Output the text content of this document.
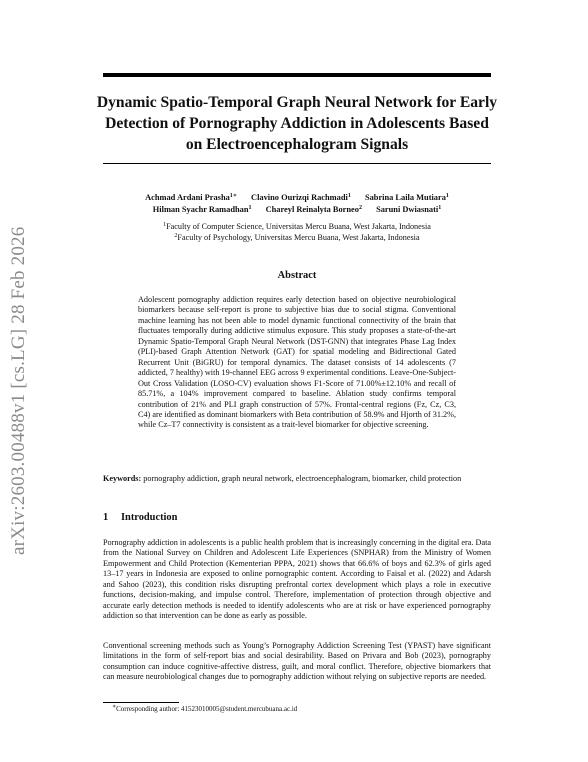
arXiv:2603.00488v1 [cs.LG] 28 Feb 2026
Dynamic Spatio-Temporal Graph Neural Network for Early Detection of Pornography Addiction in Adolescents Based on Electroencephalogram Signals
Achmad Ardani Prasha$^{1∗}$ Clavino Ourizqi Rachmadi$^1$ Sabrina Laila Mutiara$^1$
Hilman Syachr Ramadhan$^1$ Chareyl Reinalyta Borneo$^2$ Saruni Dwiasnati$^1$
$^1$Faculty of Computer Science, Universitas Mercu Buana, West Jakarta, Indonesia
$^2$Faculty of Psychology, Universitas Mercu Buana, West Jakarta, Indonesia
Abstract
Adolescent pornography addiction requires early detection based on objective neurobiological biomarkers because self-report is prone to subjective bias due to social stigma. Conventional machine learning has not been able to model dynamic functional connectivity of the brain that fluctuates temporally during addictive stimulus exposure. This study proposes a state-of-the-art Dynamic Spatio-Temporal Graph Neural Network (DST-GNN) that integrates Phase Lag Index (PLI)-based Graph Attention Network (GAT) for spatial modeling and Bidirectional Gated Recurrent Unit (BiGRU) for temporal dynamics. The dataset consists of 14 adolescents (7 addicted, 7 healthy) with 19-channel EEG across 9 experimental conditions. Leave-One-Subject-Out Cross Validation (LOSO-CV) evaluation shows F1-Score of 71.00%±12.10% and recall of 85.71%, a 104% improvement compared to baseline. Ablation study confirms temporal contribution of 21% and PLI graph construction of 57%. Frontal-central regions (Fz, Cz, C3, C4) are identified as dominant biomarkers with Beta contribution of 58.9% and Hjorth of 31.2%, while Cz–T7 connectivity is consistent as a trait-level biomarker for objective screening.
Keywords: pornography addiction, graph neural network, electroencephalogram, biomarker, child protection
1 Introduction
Pornography addiction in adolescents is a public health problem that is increasingly concerning in the digital era. Data from the National Survey on Children and Adolescent Life Experiences (SNPHAR) from the Ministry of Women Empowerment and Child Protection (Kementerian PPPA, 2021) shows that 66.6% of boys and 62.3% of girls aged 13–17 years in Indonesia are exposed to online pornographic content. According to Faisal et al. (2022) and Adarsh and Sahoo (2023), this condition risks disrupting prefrontal cortex development which plays a role in executive functions, decision-making, and impulse control. Therefore, implementation of protection through objective and accurate early detection methods is needed to identify adolescents who are at risk or have experienced pornography addiction so that intervention can be done as early as possible.
Conventional screening methods such as Young’s Pornography Addiction Screening Test (YPAST) have significant limitations in the form of self-report bias and social desirability. Based on Privara and Bob (2023), pornography consumption can induce cognitive-affective distress, guilt, and moral conflict. Therefore, objective biomarkers that can measure neurobiological changes due to pornography addiction without relying on subjective reports are needed.
∗Corresponding author: 41523010005@student.mercubuana.ac.id
